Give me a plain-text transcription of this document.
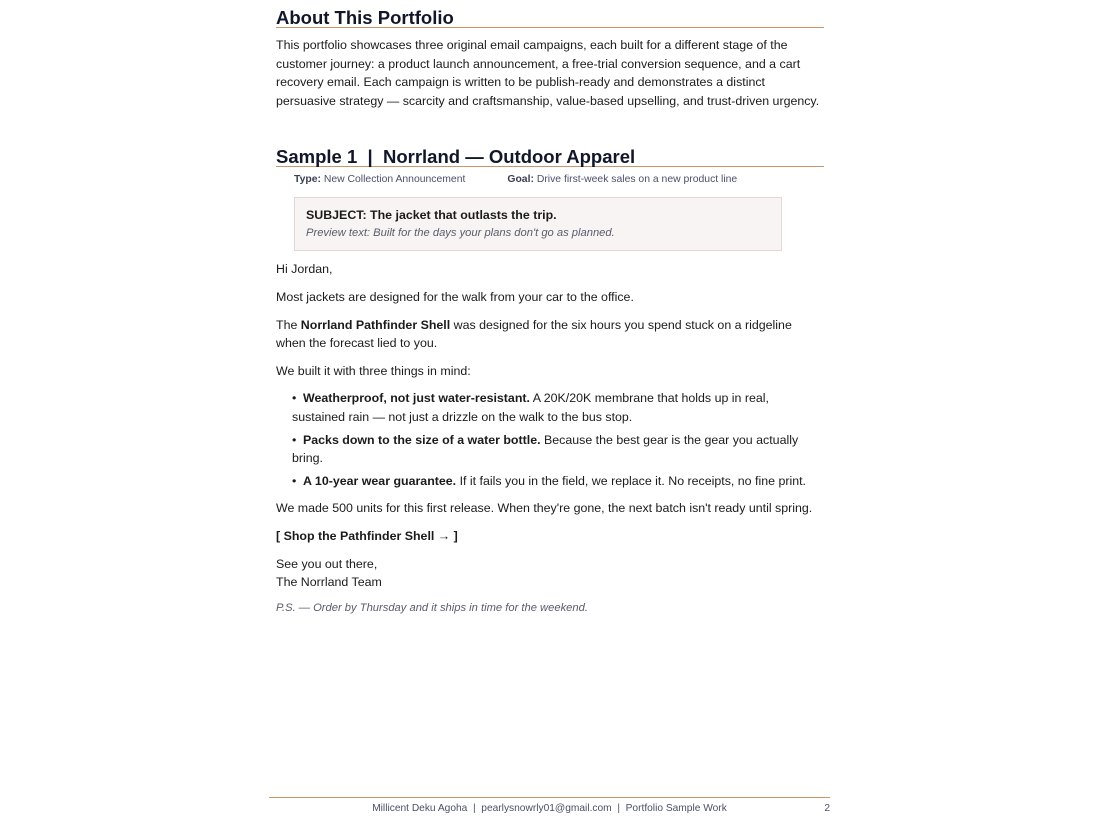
About This Portfolio

This portfolio showcases three original email campaigns, each built for a different stage of the customer journey: a product launch announcement, a free-trial conversion sequence, and a cart recovery email. Each campaign is written to be publish-ready and demonstrates a distinct persuasive strategy — scarcity and craftsmanship, value-based upselling, and trust-driven urgency.

Sample 1  |  Norrland — Outdoor Apparel
Type: New Collection Announcement	Goal: Drive first-week sales on a new product line
SUBJECT: The jacket that outlasts the trip.
Preview text: Built for the days your plans don't go as planned.

Hi Jordan,

Most jackets are designed for the walk from your car to the office.

The Norrland Pathfinder Shell was designed for the six hours you spend stuck on a ridgeline when the forecast lied to you.

We built it with three things in mind:

• Weatherproof, not just water-resistant. A 20K/20K membrane that holds up in real, sustained rain — not just a drizzle on the walk to the bus stop.
• Packs down to the size of a water bottle. Because the best gear is the gear you actually bring.
• A 10-year wear guarantee. If it fails you in the field, we replace it. No receipts, no fine print.

We made 500 units for this first release. When they're gone, the next batch isn't ready until spring.

[ Shop the Pathfinder Shell → ]

See you out there,
The Norrland Team

P.S. — Order by Thursday and it ships in time for the weekend.

Millicent Deku Agoha  |  pearlysnowrly01@gmail.com  |  Portfolio Sample Work	2
